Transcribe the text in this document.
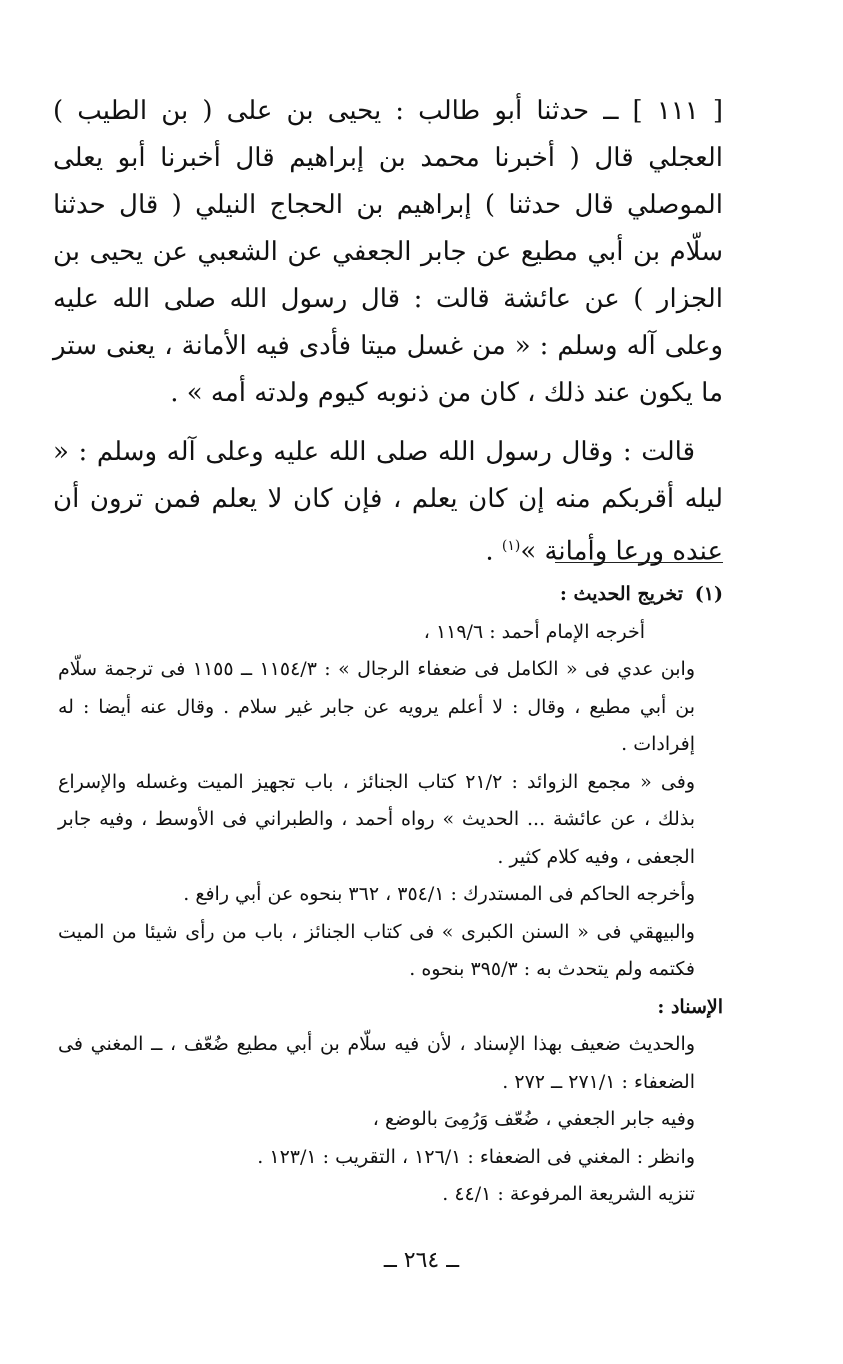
[ ١١١ ] ــ حدثنا أبو طالب : يحيى بن على ( بن الطيب ) العجلي قال ( أخبرنا محمد بن إبراهيم قال أخبرنا أبو يعلى الموصلي قال حدثنا ) إبراهيم بن الحجاج النيلي ( قال حدثنا سلّام بن أبي مطيع عن جابر الجعفي عن الشعبي عن يحيى بن الجزار ) عن عائشة قالت : قال رسول الله صلى الله عليه وعلى آله وسلم : « من غسل ميتا فأدى فيه الأمانة ، يعنى ستر ما يكون عند ذلك ، كان من ذنوبه كيوم ولدته أمه » .

قالت : وقال رسول الله صلى الله عليه وعلى آله وسلم : « ليله أقربكم منه إن كان يعلم ، فإن كان لا يعلم فمن ترون أن عنده ورعا وأمانة »$^{(١)}$ .

(١)تخريج الحديث :

أخرجه الإمام أحمد : ١١٩/٦ ،

وابن عدي فى « الكامل فى ضعفاء الرجال » : ١١٥٤/٣ ــ ١١٥٥ فى ترجمة سلّام بن أبي مطيع ، وقال : لا أعلم يرويه عن جابر غير سلام . وقال عنه أيضا : له إفرادات .

وفى « مجمع الزوائد : ٢١/٢ كتاب الجنائز ، باب تجهيز الميت وغسله والإسراع بذلك ، عن عائشة ... الحديث » رواه أحمد ، والطبراني فى الأوسط ، وفيه جابر الجعفى ، وفيه كلام كثير .

وأخرجه الحاكم فى المستدرك : ٣٥٤/١ ، ٣٦٢ بنحوه عن أبي رافع .

والبيهقي فى « السنن الكبرى » فى كتاب الجنائز ، باب من رأى شيئا من الميت فكتمه ولم يتحدث به : ٣٩٥/٣ بنحوه .

الإسناد :

والحديث ضعيف بهذا الإسناد ، لأن فيه سلّام بن أبي مطيع ضُعّف ، ــ المغني فى الضعفاء : ٢٧١/١ ــ ٢٧٢ .

وفيه جابر الجعفي ، ضُعّف وَرُمِىَ بالوضع ،

وانظر : المغني فى الضعفاء : ١٢٦/١ ، التقريب : ١٢٣/١ .

تنزيه الشريعة المرفوعة : ٤٤/١ .

ــ ٢٦٤ ــ
